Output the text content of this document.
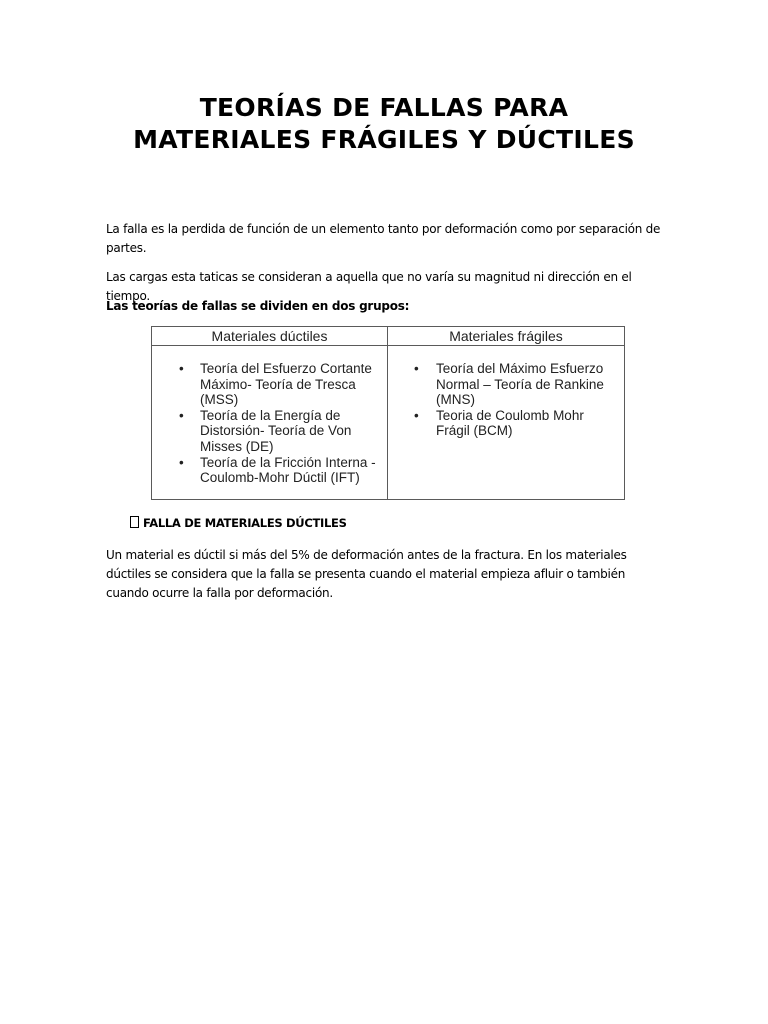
TEORÍAS DE FALLAS PARA
MATERIALES FRÁGILES Y DÚCTILES
La falla es la perdida de función de un elemento tanto por deformación como por separación de partes.
Las cargas esta taticas se consideran a aquella que no varía su magnitud ni dirección en el tiempo.
Las teorías de fallas se dividen en dos grupos:
Materiales dúctiles
• Teoría del Esfuerzo Cortante Máximo- Teoría de Tresca (MSS)
• Teoría de la Energía de Distorsión- Teoría de Von Misses (DE)
• Teoría de la Fricción Interna - Coulomb-Mohr Dúctil (IFT)
Materiales frágiles
• Teoría del Máximo Esfuerzo Normal – Teoría de Rankine (MNS)
• Teoria de Coulomb Mohr Frágil (BCM)
FALLA DE MATERIALES DÚCTILES
Un material es dúctil si más del 5% de deformación antes de la fractura. En los materiales dúctiles se considera que la falla se presenta cuando el material empieza afluir o también cuando ocurre la falla por deformación.
